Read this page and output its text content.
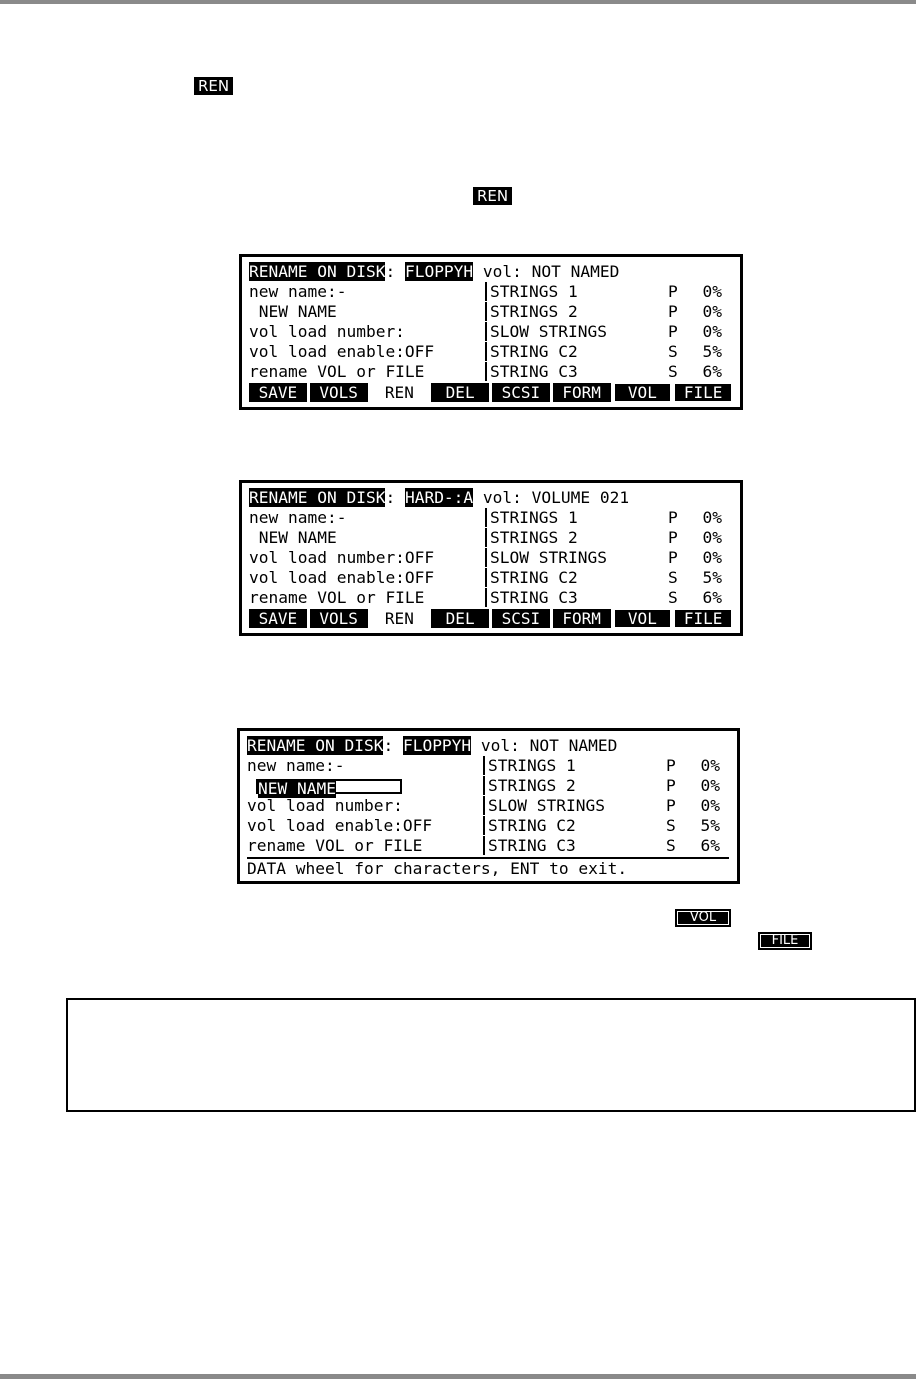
REN
REN
VOL
FILE
RENAME ON DISK: FLOPPYH vol: NOT NAMED
new name:-	STRINGS 1	P 0%
NEW NAME	STRINGS 2	P 0%
vol load number:	SLOW STRINGS	P 0%
vol load enable:OFF	STRING C2	S 5%
rename VOL or FILE	STRING C3	S 6%
SAVE	VOLS	REN	DEL	SCSI	FORM	VOL	FILE
RENAME ON DISK: HARD-:A vol: VOLUME 021
new name:-	STRINGS 1	P 0%
NEW NAME	STRINGS 2	P 0%
vol load number:OFF	SLOW STRINGS	P 0%
vol load enable:OFF	STRING C2	S 5%
rename VOL or FILE	STRING C3	S 6%
SAVE	VOLS	REN	DEL	SCSI	FORM	VOL	FILE
RENAME ON DISK: FLOPPYH vol: NOT NAMED
new name:-	STRINGS 1	P 0%
NEW NAME	STRINGS 2	P 0%
vol load number:	SLOW STRINGS	P 0%
vol load enable:OFF	STRING C2	S 5%
rename VOL or FILE	STRING C3	S 6%
DATA wheel for characters, ENT to exit.
